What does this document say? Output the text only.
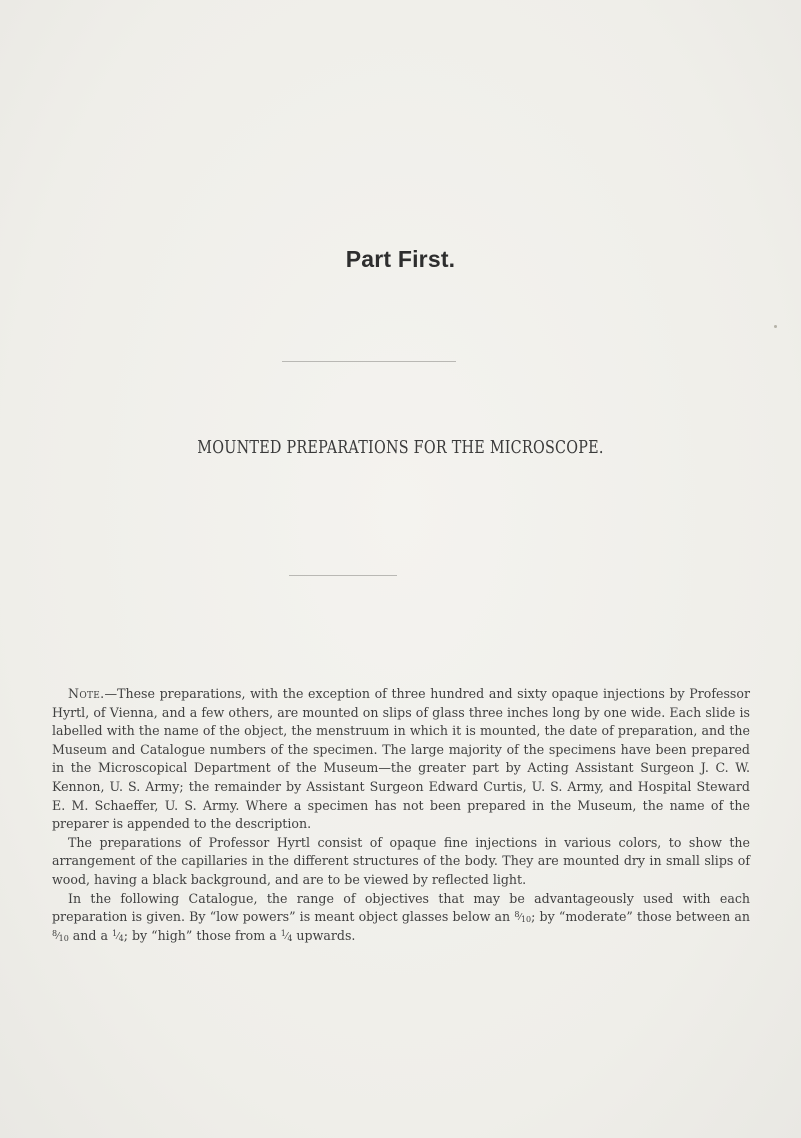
Part First.
MOUNTED PREPARATIONS FOR THE MICROSCOPE.

Note.—These preparations, with the exception of three hundred and sixty opaque injections by Professor Hyrtl, of Vienna, and a few others, are mounted on slips of glass three inches long by one wide. Each slide is labelled with the name of the object, the menstruum in which it is mounted, the date of preparation, and the Museum and Catalogue numbers of the specimen. The large majority of the specimens have been prepared in the Microscopical Department of the Museum—the greater part by Acting Assistant Surgeon J. C. W. Kennon, U. S. Army; the remainder by Assistant Surgeon Edward Curtis, U. S. Army, and Hospital Steward E. M. Schaeffer, U. S. Army. Where a specimen has not been prepared in the Museum, the name of the preparer is appended to the description.

The preparations of Professor Hyrtl consist of opaque fine injections in various colors, to show the arrangement of the capillaries in the different structures of the body. They are mounted dry in small slips of wood, having a black background, and are to be viewed by reflected light.

In the following Catalogue, the range of objectives that may be advantageously used with each preparation is given. By “low powers” is meant object glasses below an $^8⁄_{10}$; by “moderate” those between an $^8⁄_{10}$ and a $^1⁄_4$; by “high” those from a $^1⁄_4$ upwards.
